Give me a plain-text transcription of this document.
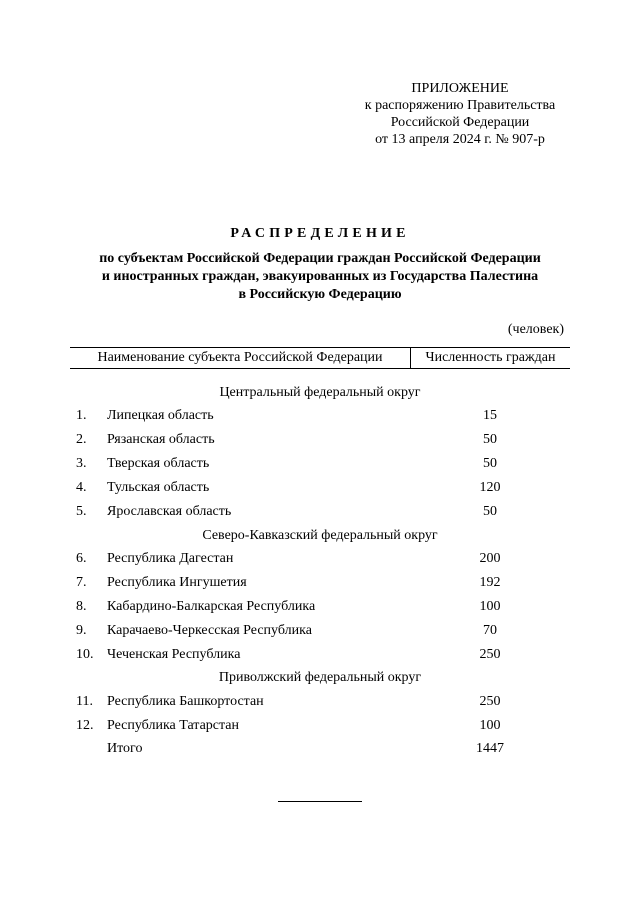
ПРИЛОЖЕНИЕ
к распоряжению Правительства
Российской Федерации
от 13 апреля 2024 г. № 907-р
РАСПРЕДЕЛЕНИЕ
по субъектам Российской Федерации граждан Российской Федерации
и иностранных граждан, эвакуированных из Государства Палестина
в Российскую Федерацию
(человек)
Наименование субъекта Российской Федерации	Численность граждан
Центральный федеральный округ
1. Липецкая область	15
2. Рязанская область	50
3. Тверская область	50
4. Тульская область	120
5. Ярославская область	50
Северо-Кавказский федеральный округ
6. Республика Дагестан	200
7. Республика Ингушетия	192
8. Кабардино-Балкарская Республика	100
9. Карачаево-Черкесская Республика	70
10. Чеченская Республика	250
Приволжский федеральный округ
11. Республика Башкортостан	250
12. Республика Татарстан	100
Итого	1447
